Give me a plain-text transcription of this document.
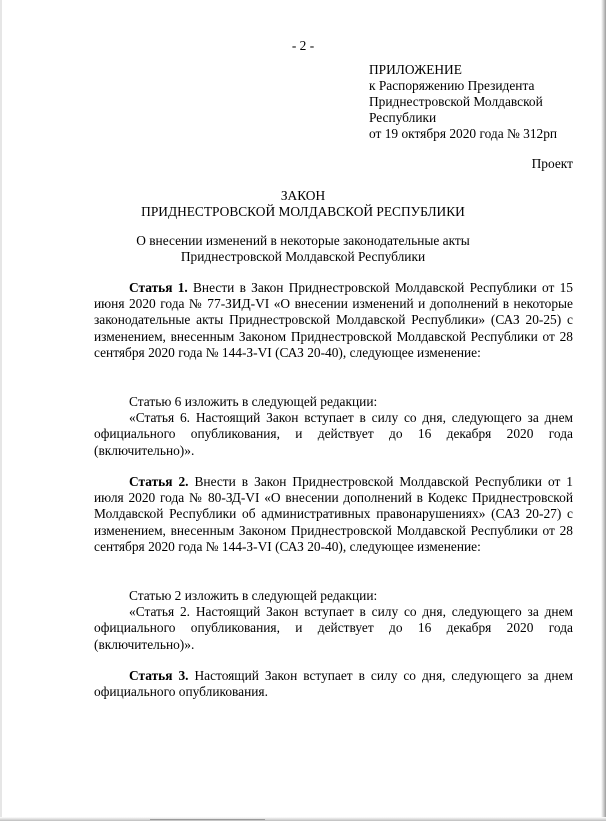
- 2 -
ПРИЛОЖЕНИЕ
к Распоряжению Президента
Приднестровской Молдавской
Республики
от 19 октября 2020 года № 312рп
Проект
ЗАКОН
ПРИДНЕСТРОВСКОЙ МОЛДАВСКОЙ РЕСПУБЛИКИ
О внесении изменений в некоторые законодательные акты
Приднестровской Молдавской Республики

Статья 1. Внести в Закон Приднестровской Молдавской Республики от 15 июня 2020 года № 77-ЗИД-VI «О внесении изменений и дополнений в некоторые законодательные акты Приднестровской Молдавской Республики» (САЗ 20-25) с изменением, внесенным Законом Приднестровской Молдавской Республики от 28 сентября 2020 года № 144-З-VI (САЗ 20-40), следующее изменение:

Статью 6 изложить в следующей редакции:

«Статья 6. Настоящий Закон вступает в силу со дня, следующего за днем официального опубликования, и действует до 16 декабря 2020 года (включительно)».

Статья 2. Внести в Закон Приднестровской Молдавской Республики от 1 июля 2020 года № 80-ЗД-VI «О внесении дополнений в Кодекс Приднестровской Молдавской Республики об административных правонарушениях» (САЗ 20-27) с изменением, внесенным Законом Приднестровской Молдавской Республики от 28 сентября 2020 года № 144-З-VI (САЗ 20-40), следующее изменение:

Статью 2 изложить в следующей редакции:

«Статья 2. Настоящий Закон вступает в силу со дня, следующего за днем официального опубликования, и действует до 16 декабря 2020 года (включительно)».

Статья 3. Настоящий Закон вступает в силу со дня, следующего за днем официального опубликования.
